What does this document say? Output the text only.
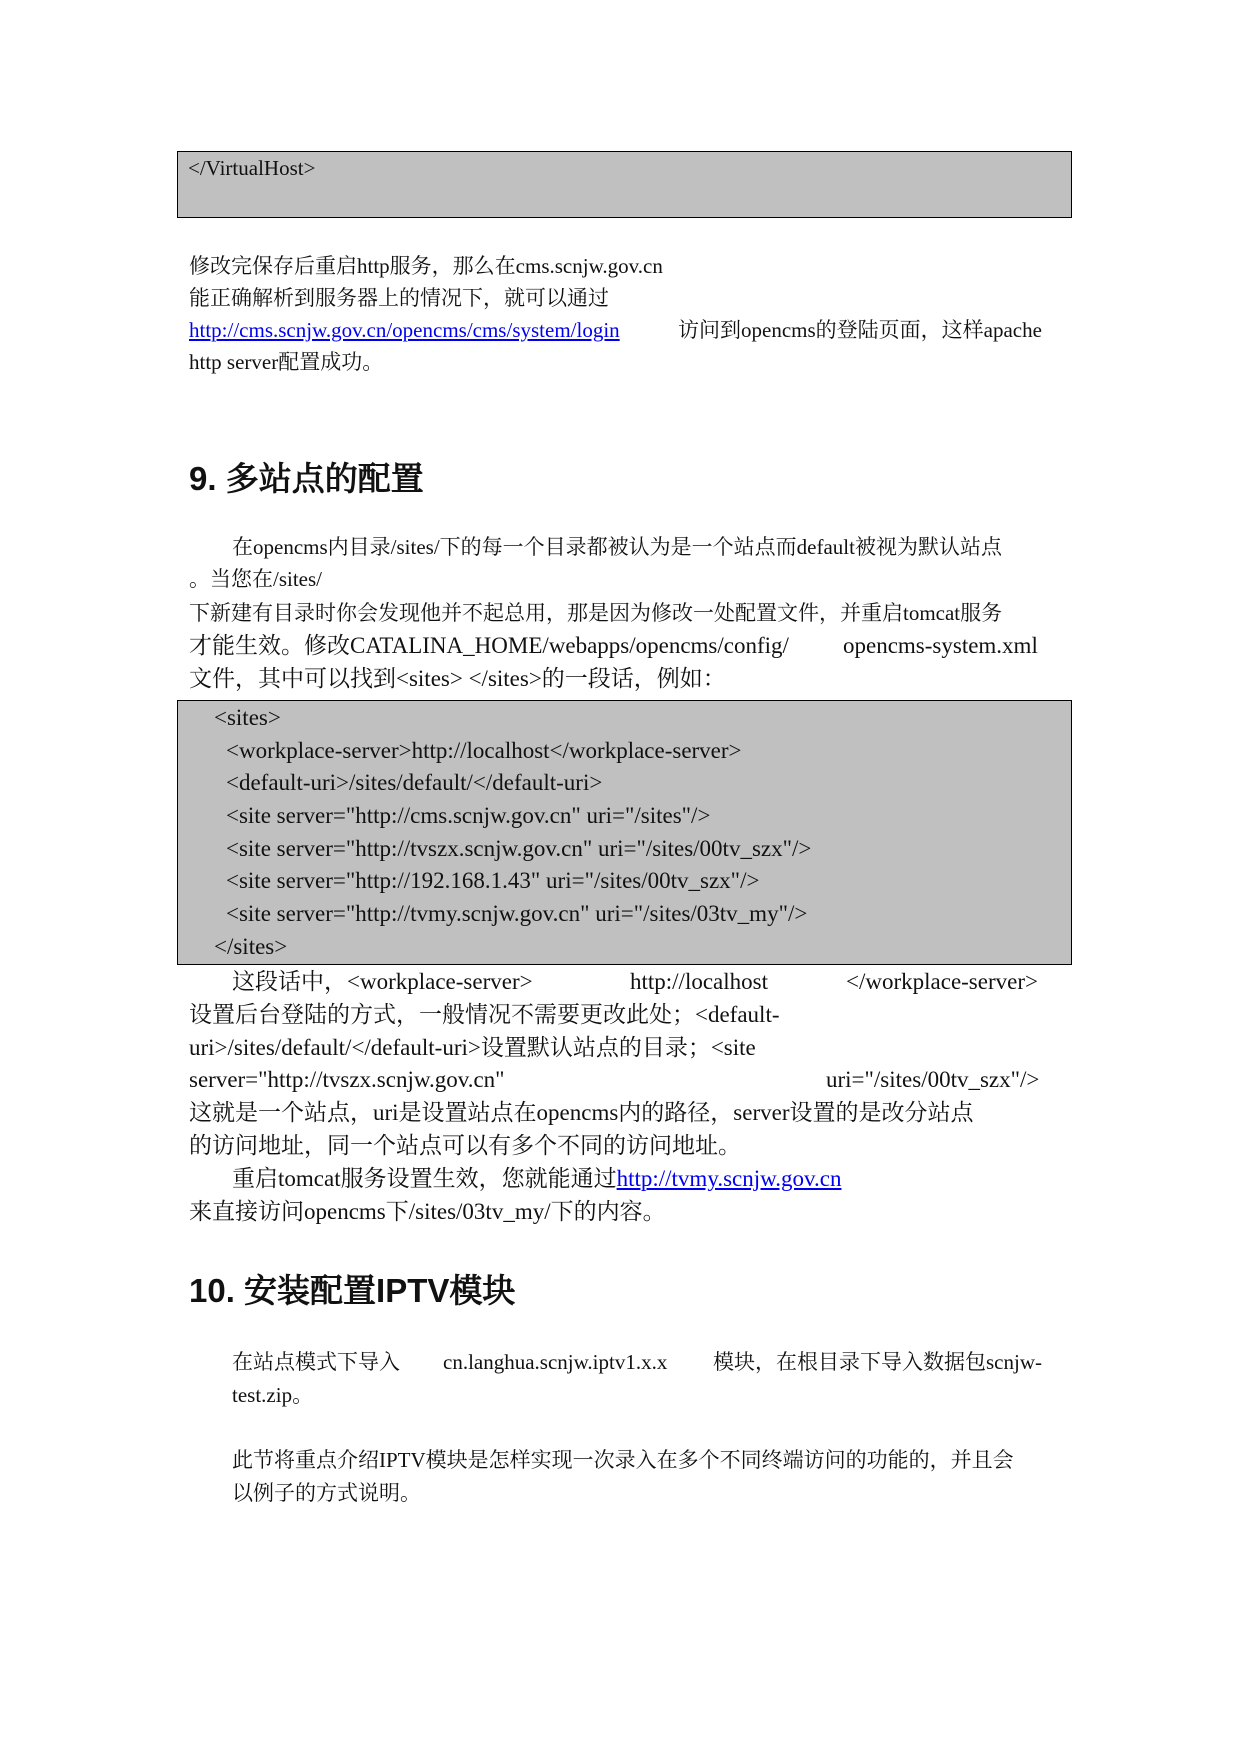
</VirtualHost>
修改完保存后重启http服务，那么在cms.scnjw.gov.cn
能正确解析到服务器上的情况下，就可以通过
http://cms.scnjw.gov.cn/opencms/cms/system/login	访问到opencms的登陆页面，这样apache
http server配置成功。
9. 多站点的配置
在opencms内目录/sites/下的每一个目录都被认为是一个站点而default被视为默认站点
。当您在/sites/
下新建有目录时你会发现他并不起总用，那是因为修改一处配置文件，并重启tomcat服务
才能生效。修改CATALINA_HOME/webapps/opencms/config/ opencms-system.xml
文件，其中可以找到<sites> </sites>的一段话，例如：
<sites>
<workplace-server>http://localhost</workplace-server>
<default-uri>/sites/default/</default-uri>
<site server="http://cms.scnjw.gov.cn" uri="/sites"/>
<site server="http://tvszx.scnjw.gov.cn" uri="/sites/00tv_szx"/>
<site server="http://192.168.1.43" uri="/sites/00tv_szx"/>
<site server="http://tvmy.scnjw.gov.cn" uri="/sites/03tv_my"/>
</sites>
这段话中，<workplace-server>	http://localhost	</workplace-server>
设置后台登陆的方式，一般情况不需要更改此处；<default-
uri>/sites/default/</default-uri>设置默认站点的目录；<site
server="http://tvszx.scnjw.gov.cn"	uri="/sites/00tv_szx"/>
这就是一个站点，uri是设置站点在opencms内的路径，server设置的是改分站点
的访问地址，同一个站点可以有多个不同的访问地址。
重启tomcat服务设置生效，您就能通过http://tvmy.scnjw.gov.cn
来直接访问opencms下/sites/03tv_my/下的内容。
10. 安装配置IPTV模块
在站点模式下导入 cn.langhua.scnjw.iptv1.x.x 模块，在根目录下导入数据包scnjw-
test.zip。
此节将重点介绍IPTV模块是怎样实现一次录入在多个不同终端访问的功能的，并且会
以例子的方式说明。
